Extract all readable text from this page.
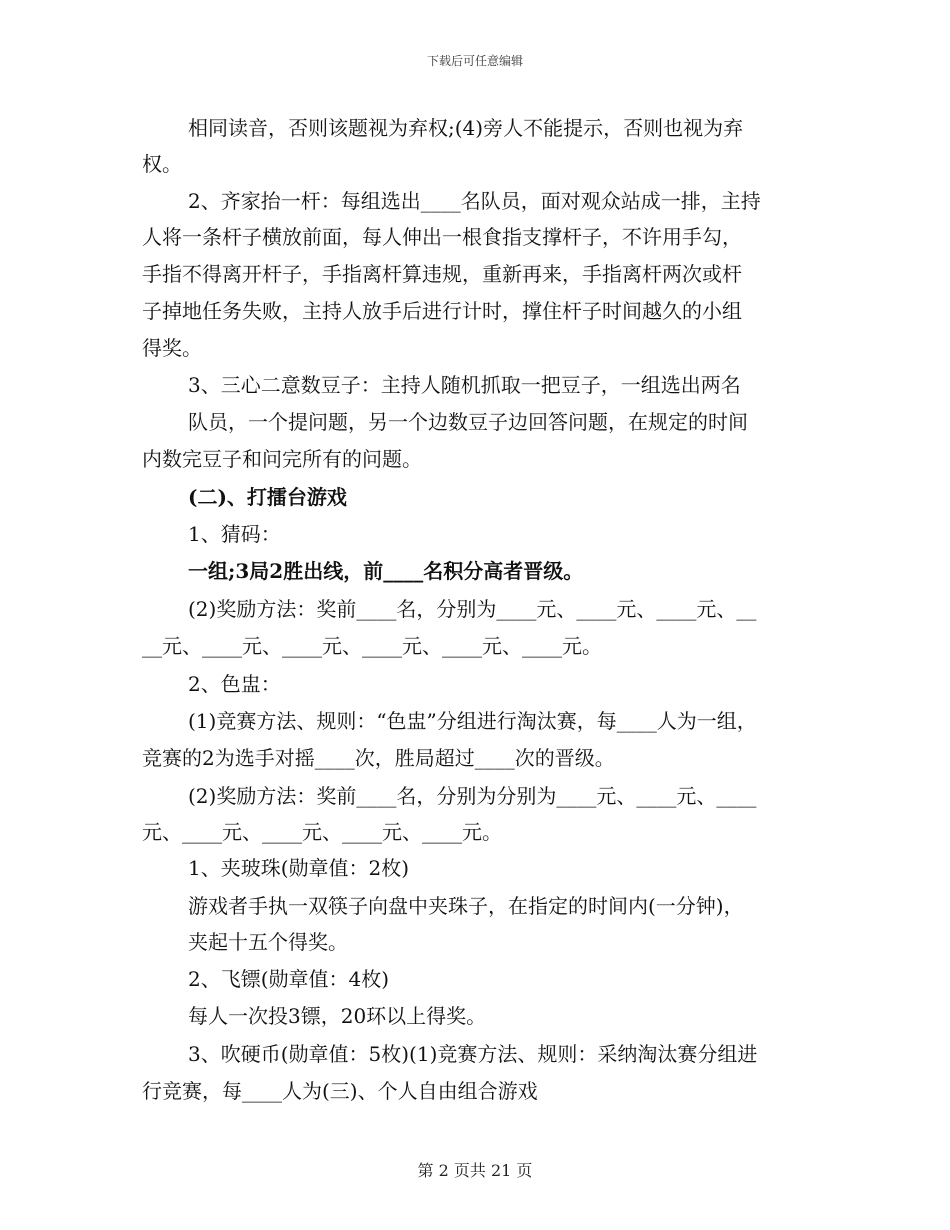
下载后可任意编辑
相同读音，否则该题视为弃权;(4)旁人不能提示，否则也视为弃
权。
2、齐家抬一杆：每组选出____名队员，面对观众站成一排，主持
人将一条杆子横放前面，每人伸出一根食指支撑杆子，不许用手勾，
手指不得离开杆子，手指离杆算违规，重新再来，手指离杆两次或杆
子掉地任务失败，主持人放手后进行计时，撑住杆子时间越久的小组
得奖。
3、三心二意数豆子：主持人随机抓取一把豆子，一组选出两名
队员，一个提问题，另一个边数豆子边回答问题，在规定的时间
内数完豆子和问完所有的问题。
(二)、打擂台游戏
1、猜码：
一组;3局2胜出线，前____名积分高者晋级。
(2)奖励方法：奖前____名，分别为____元、____元、____元、__
__元、____元、____元、____元、____元、____元。
2、色盅：
(1)竞赛方法、规则：“色盅”分组进行淘汰赛，每____人为一组，
竞赛的2为选手对摇____次，胜局超过____次的晋级。
(2)奖励方法：奖前____名，分别为分别为____元、____元、____
元、____元、____元、____元、____元。
1、夹玻珠(勋章值：2枚)
游戏者手执一双筷子向盘中夹珠子，在指定的时间内(一分钟)，
夹起十五个得奖。
2、飞镖(勋章值：4枚)
每人一次投3镖，20环以上得奖。
3、吹硬币(勋章值：5枚)(1)竞赛方法、规则：采纳淘汰赛分组进
行竞赛，每____人为(三)、个人自由组合游戏
第 2 页共 21 页
